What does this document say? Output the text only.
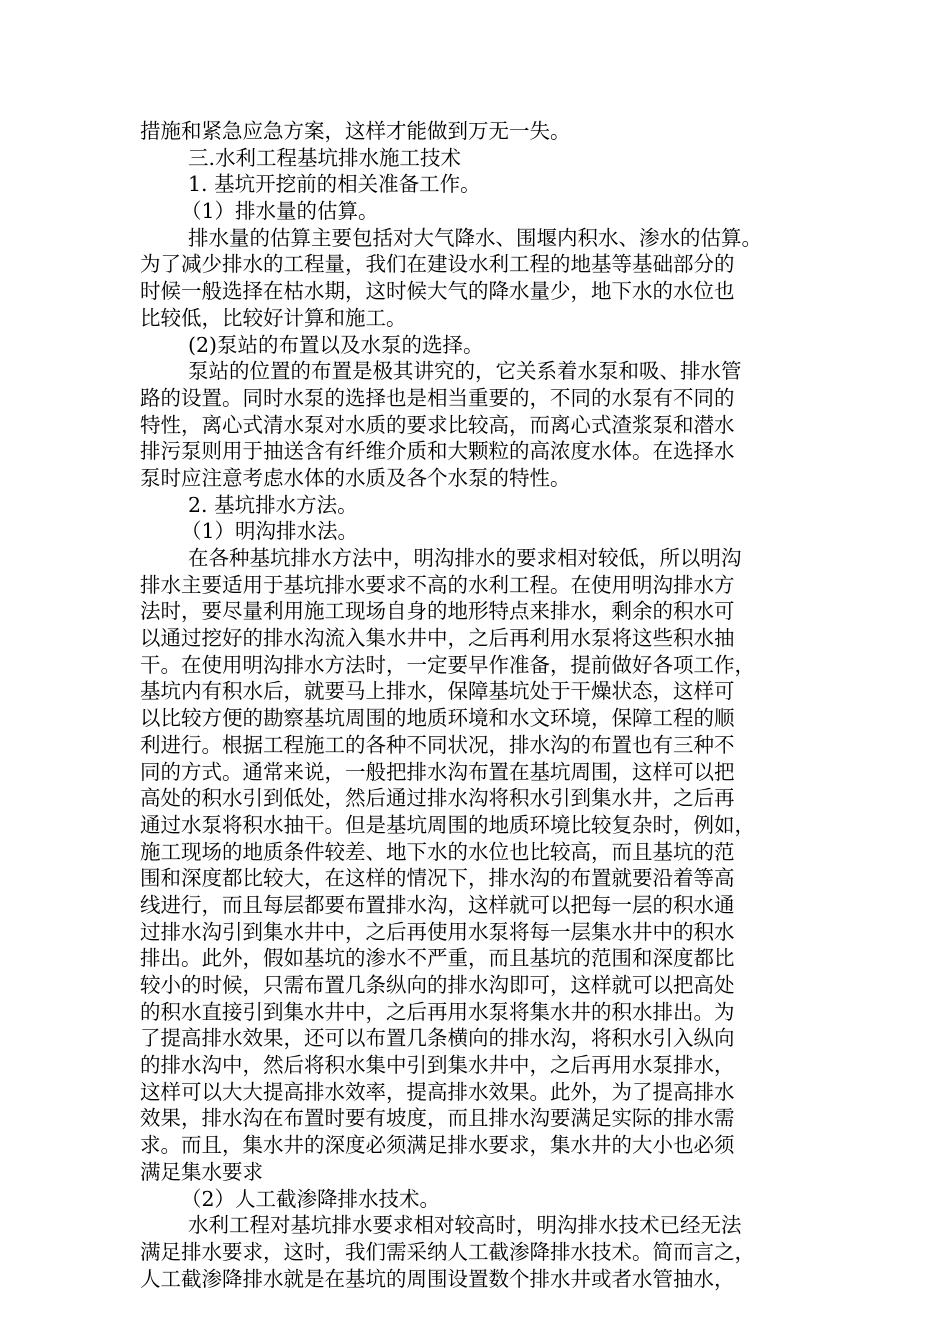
措施和紧急应急方案，这样才能做到万无一失。
三.水利工程基坑排水施工技术
1. 基坑开挖前的相关准备工作。
（1）排水量的估算。
排水量的估算主要包括对大气降水、围堰内积水、渗水的估算。
为了减少排水的工程量，我们在建设水利工程的地基等基础部分的
时候一般选择在枯水期，这时候大气的降水量少，地下水的水位也
比较低，比较好计算和施工。
(2)泵站的布置以及水泵的选择。
泵站的位置的布置是极其讲究的，它关系着水泵和吸、排水管
路的设置。同时水泵的选择也是相当重要的，不同的水泵有不同的
特性，离心式清水泵对水质的要求比较高，而离心式渣浆泵和潜水
排污泵则用于抽送含有纤维介质和大颗粒的高浓度水体。在选择水
泵时应注意考虑水体的水质及各个水泵的特性。
2. 基坑排水方法。
（1）明沟排水法。
在各种基坑排水方法中，明沟排水的要求相对较低，所以明沟
排水主要适用于基坑排水要求不高的水利工程。在使用明沟排水方
法时，要尽量利用施工现场自身的地形特点来排水，剩余的积水可
以通过挖好的排水沟流入集水井中，之后再利用水泵将这些积水抽
干。在使用明沟排水方法时，一定要早作准备，提前做好各项工作，
基坑内有积水后，就要马上排水，保障基坑处于干燥状态，这样可
以比较方便的勘察基坑周围的地质环境和水文环境，保障工程的顺
利进行。根据工程施工的各种不同状况，排水沟的布置也有三种不
同的方式。通常来说，一般把排水沟布置在基坑周围，这样可以把
高处的积水引到低处，然后通过排水沟将积水引到集水井，之后再
通过水泵将积水抽干。但是基坑周围的地质环境比较复杂时，例如，
施工现场的地质条件较差、地下水的水位也比较高，而且基坑的范
围和深度都比较大，在这样的情况下，排水沟的布置就要沿着等高
线进行，而且每层都要布置排水沟，这样就可以把每一层的积水通
过排水沟引到集水井中，之后再使用水泵将每一层集水井中的积水
排出。此外，假如基坑的渗水不严重，而且基坑的范围和深度都比
较小的时候，只需布置几条纵向的排水沟即可，这样就可以把高处
的积水直接引到集水井中，之后再用水泵将集水井的积水排出。为
了提高排水效果，还可以布置几条横向的排水沟，将积水引入纵向
的排水沟中，然后将积水集中引到集水井中，之后再用水泵排水，
这样可以大大提高排水效率，提高排水效果。此外，为了提高排水
效果，排水沟在布置时要有坡度，而且排水沟要满足实际的排水需
求。而且，集水井的深度必须满足排水要求，集水井的大小也必须
满足集水要求
（2）人工截渗降排水技术。
水利工程对基坑排水要求相对较高时，明沟排水技术已经无法
满足排水要求，这时，我们需采纳人工截渗降排水技术。简而言之，
人工截渗降排水就是在基坑的周围设置数个排水井或者水管抽水，
